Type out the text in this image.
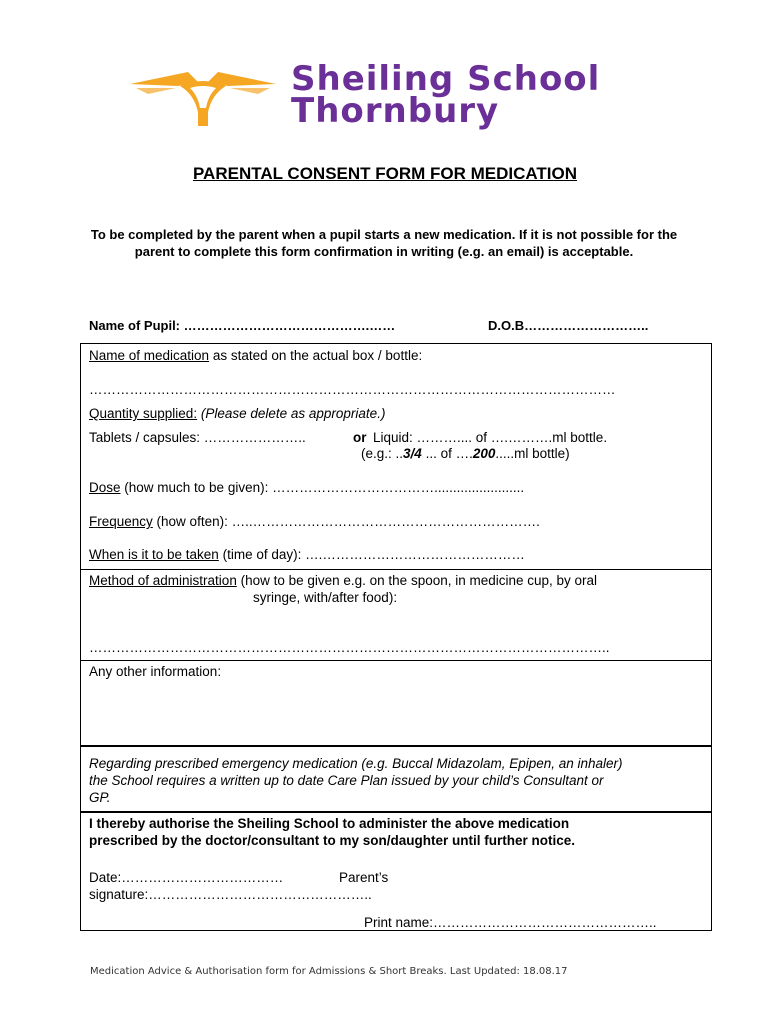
Sheiling School
Thornbury
PARENTAL CONSENT FORM FOR MEDICATION
To be completed by the parent when a pupil starts a new medication. If it is not possible for the parent to complete this form confirmation in writing (e.g. an email) is acceptable.
Name of Pupil: …………………………………….……	D.O.B………………………..
Name of medication as stated on the actual box / bottle:
………………………………………………………………………………………………………
Quantity supplied: (Please delete as appropriate.)
Tablets / capsules: …………………..	or Liquid: ……….... of ….……….ml bottle.
(e.g.: ..3/4 ... of ….200.....ml bottle)
Dose (how much to be given): ………………………………........................
Frequency (how often): …..……………………………………………………….
When is it to be taken (time of day): ….………………………………………
Method of administration (how to be given e.g. on the spoon, in medicine cup, by oral
syringe, with/after food):
……………………………………………………………………………………………………..
Any other information:
Regarding prescribed emergency medication (e.g. Buccal Midazolam, Epipen, an inhaler)
the School requires a written up to date Care Plan issued by your child’s Consultant or
GP.
I thereby authorise the Sheiling School to administer the above medication
prescribed by the doctor/consultant to my son/daughter until further notice.
Date:………………………………	Parent’s
signature:…………………………………………..
Print name:…………………………………………..
Medication Advice & Authorisation form for Admissions & Short Breaks. Last Updated: 18.08.17
